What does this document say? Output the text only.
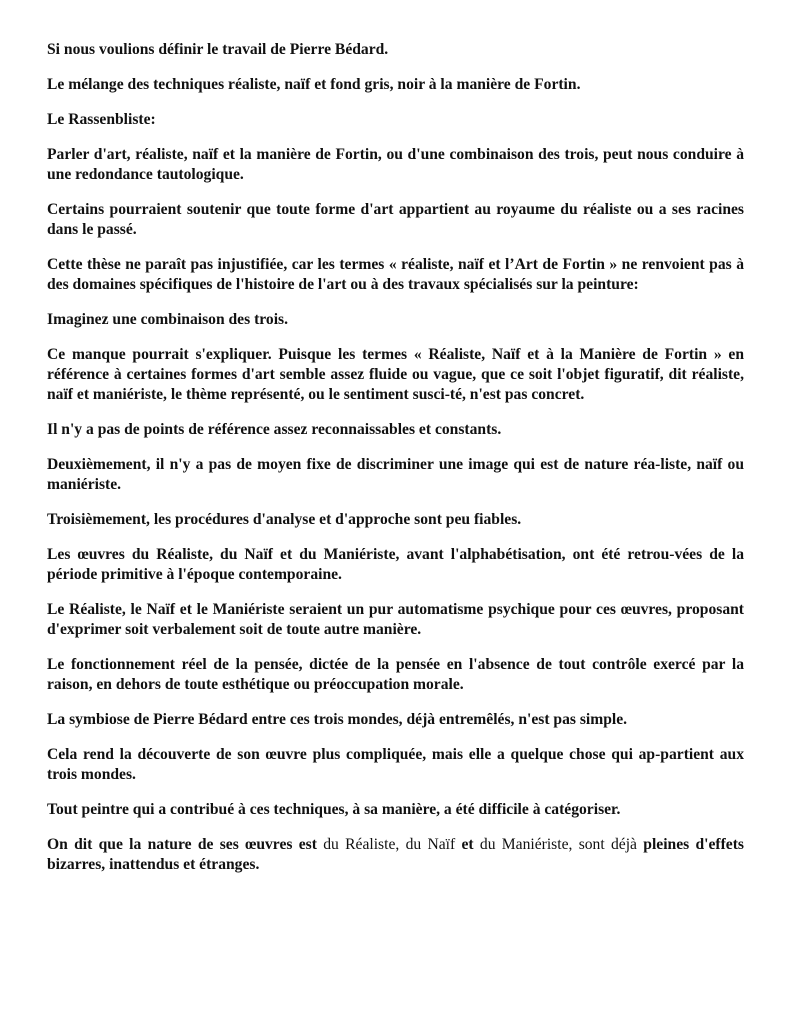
Si nous voulions définir le travail de Pierre Bédard.

Le mélange des techniques réaliste, naïf et fond gris, noir à la manière de Fortin.

Le Rassenbliste:

Parler d'art, réaliste, naïf et la manière de Fortin, ou d'une combinaison des trois, peut nous conduire à une redondance tautologique.

Certains pourraient soutenir que toute forme d'art appartient au royaume du réaliste ou a ses racines dans le passé.

Cette thèse ne paraît pas injustifiée, car les termes « réaliste, naïf et l’Art de Fortin » ne renvoient pas à des domaines spécifiques de l'histoire de l'art ou à des travaux spécialisés sur la peinture:

Imaginez une combinaison des trois.

Ce manque pourrait s'expliquer. Puisque les termes « Réaliste, Naïf et à la Manière de Fortin » en référence à certaines formes d'art semble assez fluide ou vague, que ce soit l'objet figuratif, dit réaliste, naïf et maniériste, le thème représenté, ou le sentiment susci-té, n'est pas concret.

Il n'y a pas de points de référence assez reconnaissables et constants.

Deuxièmement, il n'y a pas de moyen fixe de discriminer une image qui est de nature réa-liste, naïf ou maniériste.

Troisièmement, les procédures d'analyse et d'approche sont peu fiables.

Les œuvres du Réaliste, du Naïf et du Maniériste, avant l'alphabétisation, ont été retrou-vées de la période primitive à l'époque contemporaine.

Le Réaliste, le Naïf et le Maniériste seraient un pur automatisme psychique pour ces œuvres, proposant d'exprimer soit verbalement soit de toute autre manière.

Le fonctionnement réel de la pensée, dictée de la pensée en l'absence de tout contrôle exercé par la raison, en dehors de toute esthétique ou préoccupation morale.

La symbiose de Pierre Bédard entre ces trois mondes, déjà entremêlés, n'est pas simple.

Cela rend la découverte de son œuvre plus compliquée, mais elle a quelque chose qui ap-partient aux trois mondes.

Tout peintre qui a contribué à ces techniques, à sa manière, a été difficile à catégoriser.

On dit que la nature de ses œuvres est du Réaliste, du Naïf et du Maniériste, sont déjà pleines d'effets bizarres, inattendus et étranges.
